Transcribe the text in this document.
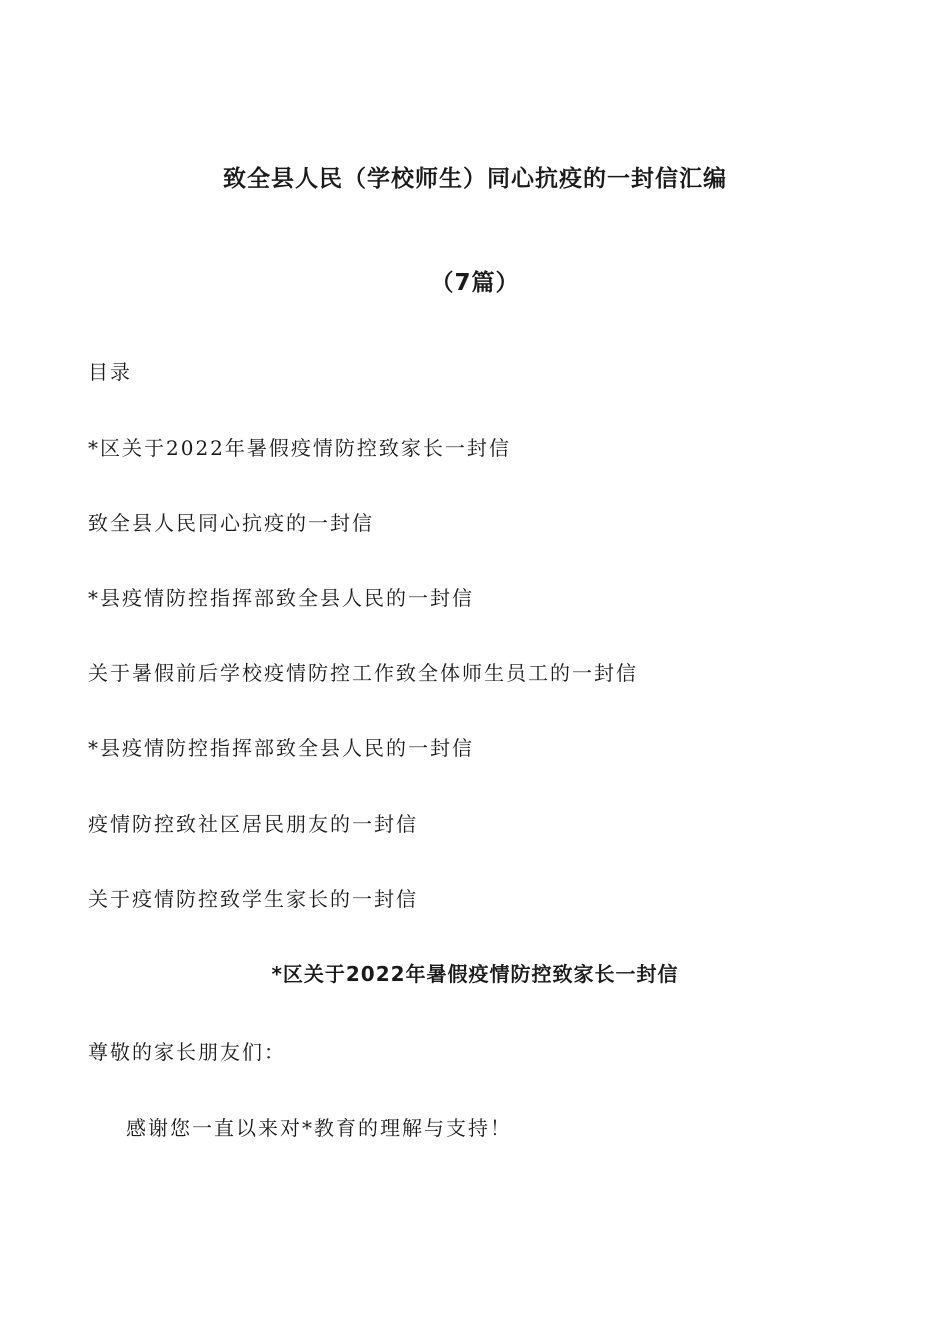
致全县人民（学校师生）同心抗疫的一封信汇编
（7篇）

目录

*区关于2022年暑假疫情防控致家长一封信
致全县人民同心抗疫的一封信
*县疫情防控指挥部致全县人民的一封信
关于暑假前后学校疫情防控工作致全体师生员工的一封信
*县疫情防控指挥部致全县人民的一封信
疫情防控致社区居民朋友的一封信
关于疫情防控致学生家长的一封信
*区关于2022年暑假疫情防控致家长一封信

尊敬的家长朋友们：

感谢您一直以来对*教育的理解与支持！
